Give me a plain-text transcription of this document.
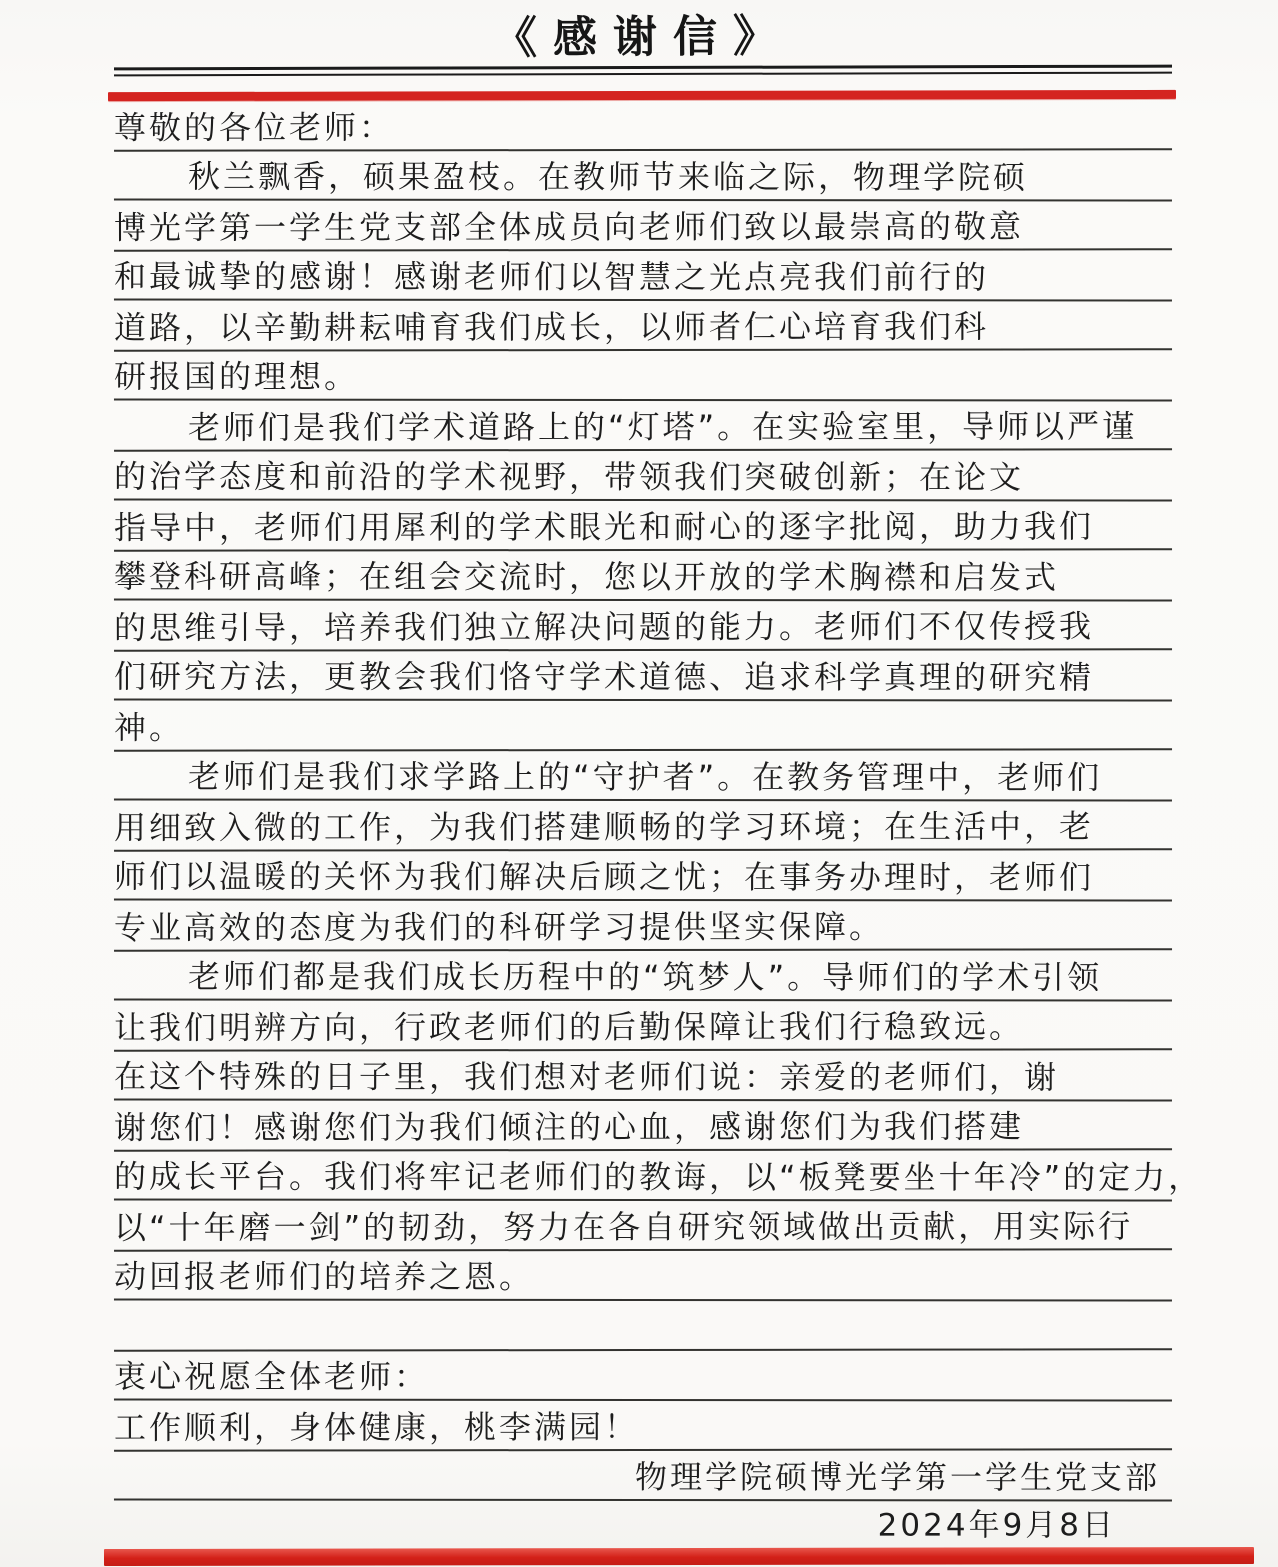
《感谢信》
尊敬的各位老师：
秋兰飘香，硕果盈枝。在教师节来临之际，物理学院硕
博光学第一学生党支部全体成员向老师们致以最崇高的敬意
和最诚挚的感谢！感谢老师们以智慧之光点亮我们前行的
道路，以辛勤耕耘哺育我们成长，以师者仁心培育我们科
研报国的理想。
老师们是我们学术道路上的“灯塔”。在实验室里，导师以严谨
的治学态度和前沿的学术视野，带领我们突破创新；在论文
指导中，老师们用犀利的学术眼光和耐心的逐字批阅，助力我们
攀登科研高峰；在组会交流时，您以开放的学术胸襟和启发式
的思维引导，培养我们独立解决问题的能力。老师们不仅传授我
们研究方法，更教会我们恪守学术道德、追求科学真理的研究精
神。
老师们是我们求学路上的“守护者”。在教务管理中，老师们
用细致入微的工作，为我们搭建顺畅的学习环境；在生活中，老
师们以温暖的关怀为我们解决后顾之忧；在事务办理时，老师们
专业高效的态度为我们的科研学习提供坚实保障。
老师们都是我们成长历程中的“筑梦人”。导师们的学术引领
让我们明辨方向，行政老师们的后勤保障让我们行稳致远。
在这个特殊的日子里，我们想对老师们说：亲爱的老师们，谢
谢您们！感谢您们为我们倾注的心血，感谢您们为我们搭建
的成长平台。我们将牢记老师们的教诲，以“板凳要坐十年冷”的定力，
以“十年磨一剑”的韧劲，努力在各自研究领域做出贡献，用实际行
动回报老师们的培养之恩。
衷心祝愿全体老师：
工作顺利，身体健康，桃李满园！
物理学院硕博光学第一学生党支部
2024年9月8日
